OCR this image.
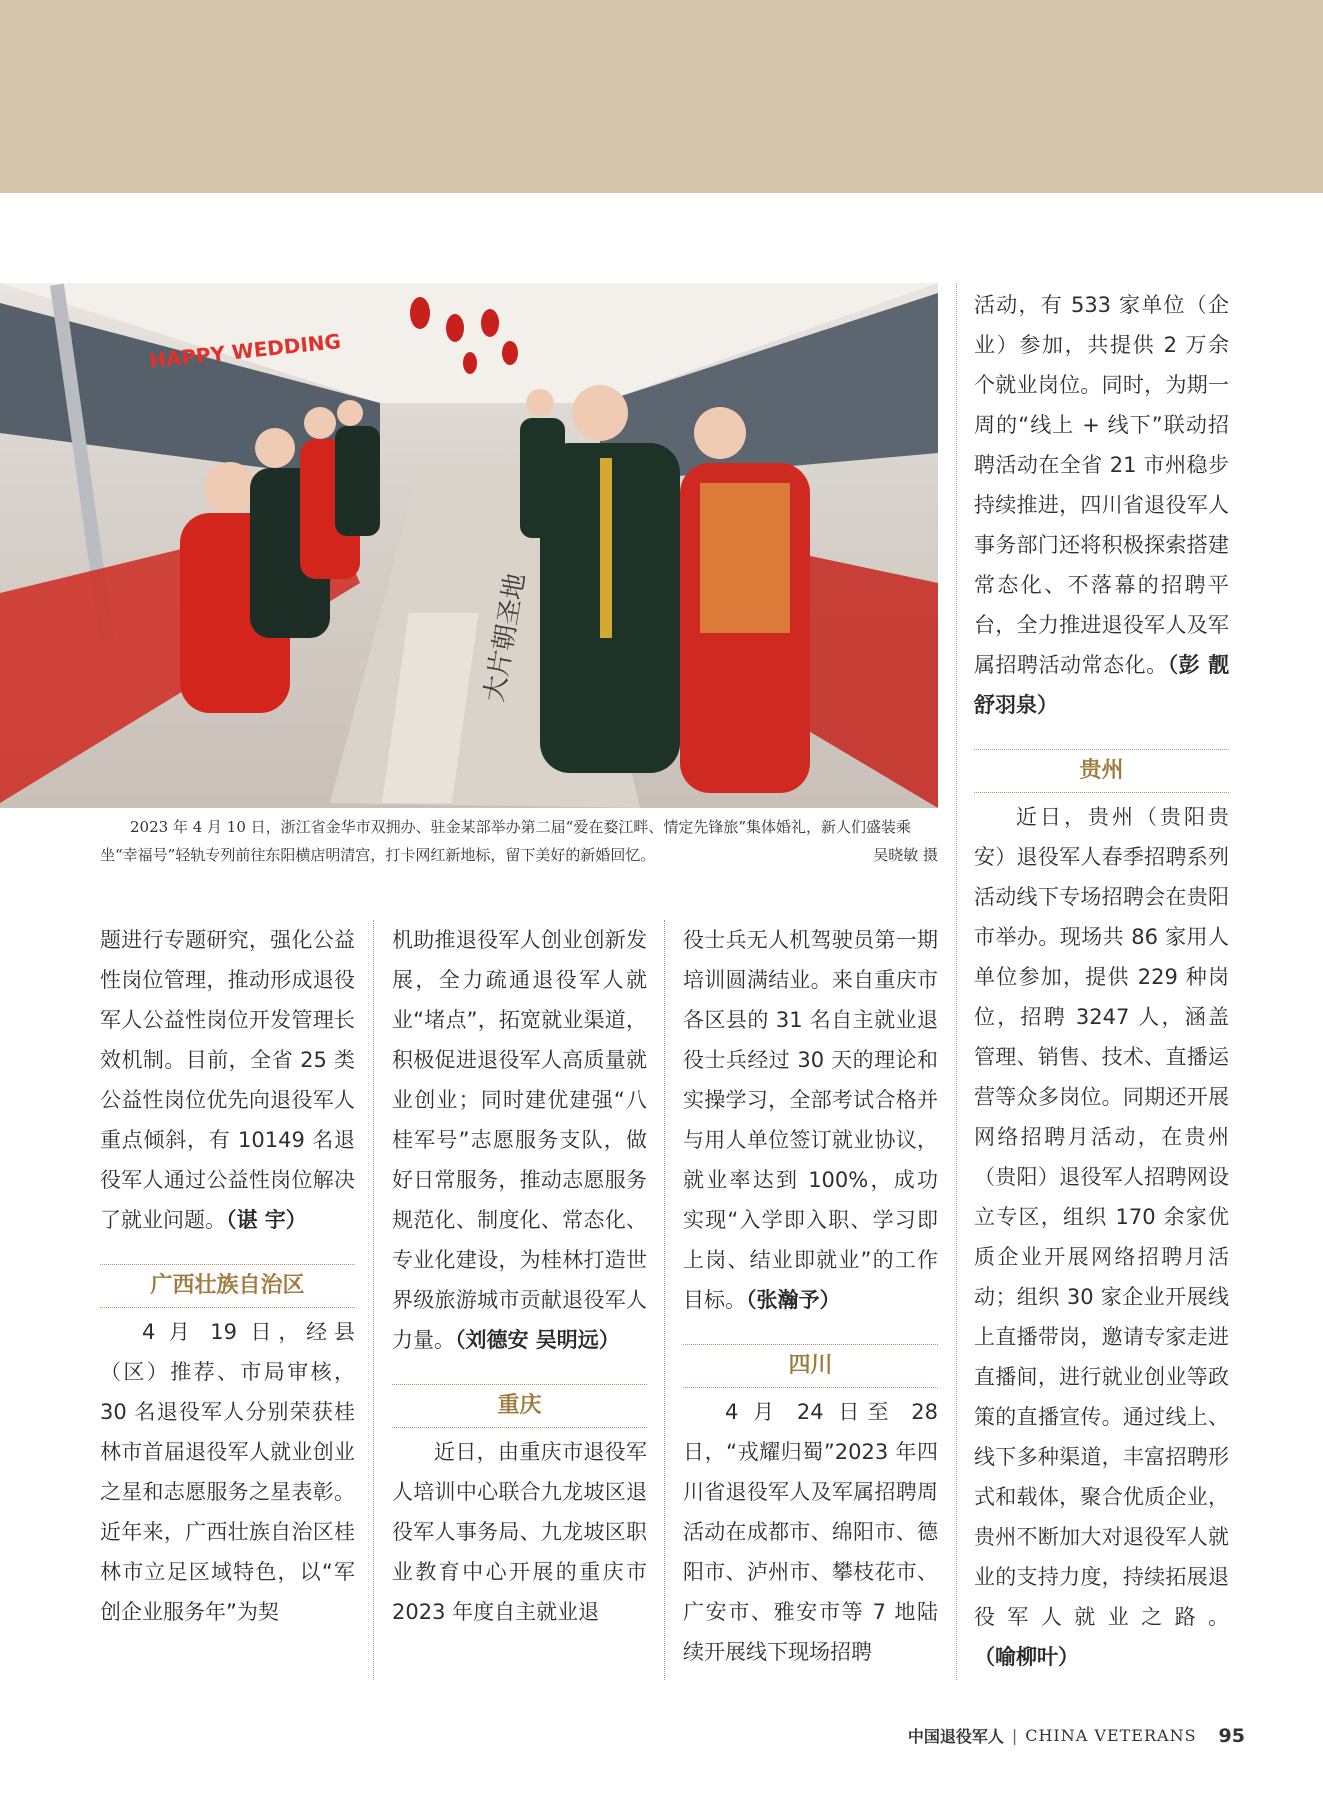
HAPPY WEDDING
大片朝圣地
2023 年 4 月 10 日，浙江省金华市双拥办、驻金某部举办第二届“爱在婺江畔、情定先锋旅”集体婚礼，新人们盛装乘坐“幸福号”轻轨专列前往东阳横店明清宫，打卡网红新地标，留下美好的新婚回忆。	吴晓敏 摄

题进行专题研究，强化公益性岗位管理，推动形成退役军人公益性岗位开发管理长效机制。目前，全省 25 类公益性岗位优先向退役军人重点倾斜，有 10149 名退役军人通过公益性岗位解决了就业问题。（谌 宇）

广西壮族自治区

4 月 19 日，经县（区）推荐、市局审核，30 名退役军人分别荣获桂林市首届退役军人就业创业之星和志愿服务之星表彰。近年来，广西壮族自治区桂林市立足区域特色，以“军创企业服务年”为契

机助推退役军人创业创新发展，全力疏通退役军人就业“堵点”，拓宽就业渠道，积极促进退役军人高质量就业创业；同时建优建强“八桂军号”志愿服务支队，做好日常服务，推动志愿服务规范化、制度化、常态化、专业化建设，为桂林打造世界级旅游城市贡献退役军人力量。（刘德安 吴明远）

重庆

近日，由重庆市退役军人培训中心联合九龙坡区退役军人事务局、九龙坡区职业教育中心开展的重庆市 2023 年度自主就业退

役士兵无人机驾驶员第一期培训圆满结业。来自重庆市各区县的 31 名自主就业退役士兵经过 30 天的理论和实操学习，全部考试合格并与用人单位签订就业协议，就业率达到 100%，成功实现“入学即入职、学习即上岗、结业即就业”的工作目标。（张瀚予）

四川

4 月 24 日至 28 日，“戎耀归蜀”2023 年四川省退役军人及军属招聘周活动在成都市、绵阳市、德阳市、泸州市、攀枝花市、广安市、雅安市等 7 地陆续开展线下现场招聘

活动，有 533 家单位（企业）参加，共提供 2 万余个就业岗位。同时，为期一周的“线上 + 线下”联动招聘活动在全省 21 市州稳步持续推进，四川省退役军人事务部门还将积极探索搭建常态化、不落幕的招聘平台，全力推进退役军人及军属招聘活动常态化。（彭 靓 舒羽泉）

贵州

近日，贵州（贵阳贵安）退役军人春季招聘系列活动线下专场招聘会在贵阳市举办。现场共 86 家用人单位参加，提供 229 种岗位，招聘 3247 人，涵盖管理、销售、技术、直播运营等众多岗位。同期还开展网络招聘月活动，在贵州（贵阳）退役军人招聘网设立专区，组织 170 余家优质企业开展网络招聘月活动；组织 30 家企业开展线上直播带岗，邀请专家走进直播间，进行就业创业等政策的直播宣传。通过线上、线下多种渠道，丰富招聘形式和载体，聚合优质企业，贵州不断加大对退役军人就业的支持力度，持续拓展退役军人就业之路。（喻柳叶）

中国退役军人 | CHINA VETERANS 95
